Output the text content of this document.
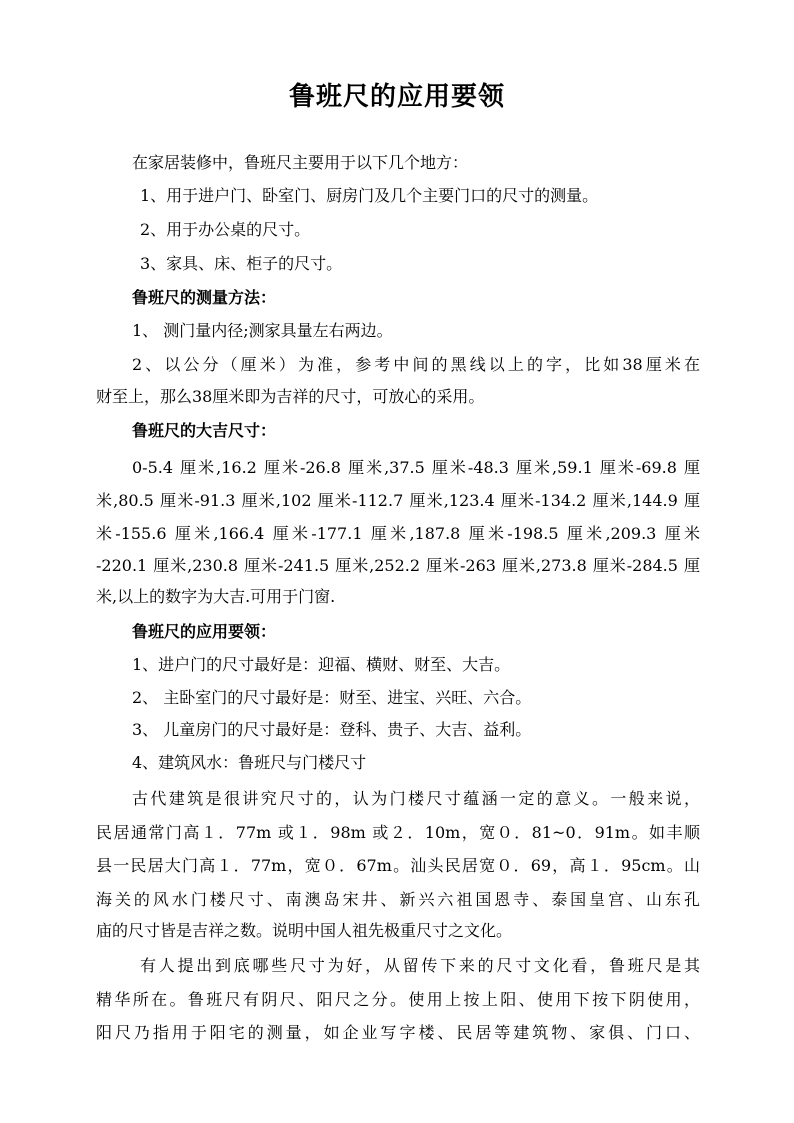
鲁班尺的应用要领

在家居装修中，鲁班尺主要用于以下几个地方：

1、用于进户门、卧室门、厨房门及几个主要门口的尺寸的测量。

2、用于办公桌的尺寸。

3、家具、床、柜子的尺寸。

鲁班尺的测量方法：

1、 测门量内径;测家具量左右两边。

2、以公分（厘米）为准，参考中间的黑线以上的字，比如38厘米在

财至上，那么38厘米即为吉祥的尺寸，可放心的采用。

鲁班尺的大吉尺寸：

0-5.4 厘米,16.2 厘米-26.8 厘米,37.5 厘米-48.3 厘米,59.1 厘米-69.8 厘

米,80.5 厘米-91.3 厘米,102 厘米-112.7 厘米,123.4 厘米-134.2 厘米,144.9 厘

米-155.6 厘米,166.4 厘米-177.1 厘米,187.8 厘米-198.5 厘米,209.3 厘米

-220.1 厘米,230.8 厘米-241.5 厘米,252.2 厘米-263 厘米,273.8 厘米-284.5 厘

米,以上的数字为大吉.可用于门窗.

鲁班尺的应用要领：

1、进户门的尺寸最好是：迎福、横财、财至、大吉。

2、 主卧室门的尺寸最好是：财至、进宝、兴旺、六合。

3、 儿童房门的尺寸最好是：登科、贵子、大吉、益利。

4、建筑风水：鲁班尺与门楼尺寸

古代建筑是很讲究尺寸的，认为门楼尺寸蕴涵一定的意义。一般来说，

民居通常门高１．77m 或１．98m 或２．10m，宽０．81~0．91m。如丰顺

县一民居大门高１．77m，宽０．67m。汕头民居宽０．69，高１．95cm。山

海关的风水门楼尺寸、南澳岛宋井、新兴六祖国恩寺、泰国皇宫、山东孔

庙的尺寸皆是吉祥之数。说明中国人祖先极重尺寸之文化。

有人提出到底哪些尺寸为好，从留传下来的尺寸文化看，鲁班尺是其

精华所在。鲁班尺有阴尺、阳尺之分。使用上按上阳、使用下按下阴使用，

阳尺乃指用于阳宅的测量，如企业写字楼、民居等建筑物、家俱、门口、
